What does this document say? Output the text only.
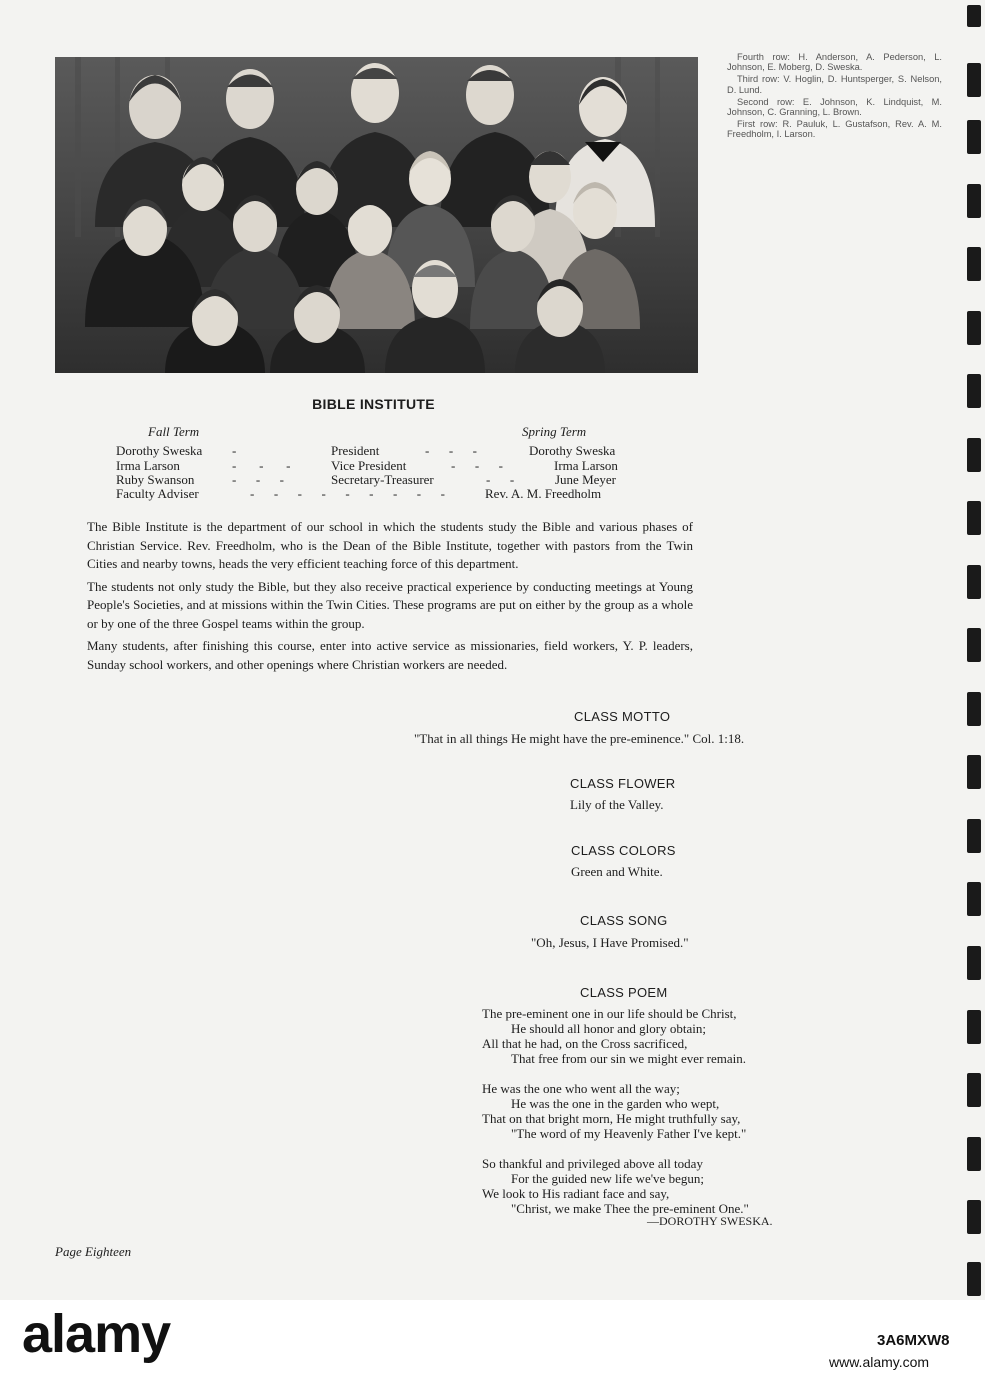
Fourth row: H. Anderson, A. Pederson, L. Johnson, E. Moberg, D. Sweska.

Third row: V. Hoglin, D. Huntsperger, S. Nelson, D. Lund.

Second row: E. Johnson, K. Lindquist, M. Johnson, C. Granning, L. Brown.

First row: R. Pauluk, L. Gustafson, Rev. A. M. Freedholm, I. Larson.

BIBLE INSTITUTE
Fall Term	Spring Term
Dorothy Sweska -	President	-      -      -	Dorothy Sweska
Irma Larson	-       -       -	Vice President	-      -      -	Irma Larson
Ruby Swanson	-      -      -	Secretary-Treasurer	-      -	June Meyer
Faculty Adviser	-      -      -      -      -      -      -      -      -	Rev. A. M. Freedholm

The Bible Institute is the department of our school in which the students study the Bible and various phases of Christian Service. Rev. Freedholm, who is the Dean of the Bible Institute, together with pastors from the Twin Cities and nearby towns, heads the very efficient teaching force of this department.

The students not only study the Bible, but they also receive practical experience by conducting meetings at Young People's Societies, and at missions within the Twin Cities. These programs are put on either by the group as a whole or by one of the three Gospel teams within the group.

Many students, after finishing this course, enter into active service as missionaries, field workers, Y. P. leaders, Sunday school workers, and other openings where Christian workers are needed.

CLASS MOTTO
"That in all things He might have the pre-eminence." Col. 1:18.
CLASS FLOWER
Lily of the Valley.
CLASS COLORS
Green and White.
CLASS SONG
"Oh, Jesus, I Have Promised."
CLASS POEM
The pre-eminent one in our life should be Christ,
He should all honor and glory obtain;
All that he had, on the Cross sacrificed,
That free from our sin we might ever remain.
He was the one who went all the way;
He was the one in the garden who wept,
That on that bright morn, He might truthfully say,
"The word of my Heavenly Father I've kept."
So thankful and privileged above all today
For the guided new life we've begun;
We look to His radiant face and say,
"Christ, we make Thee the pre-eminent One."
—DOROTHY SWESKA.
Page Eighteen
alamy	3A6MXW8
www.alamy.com
